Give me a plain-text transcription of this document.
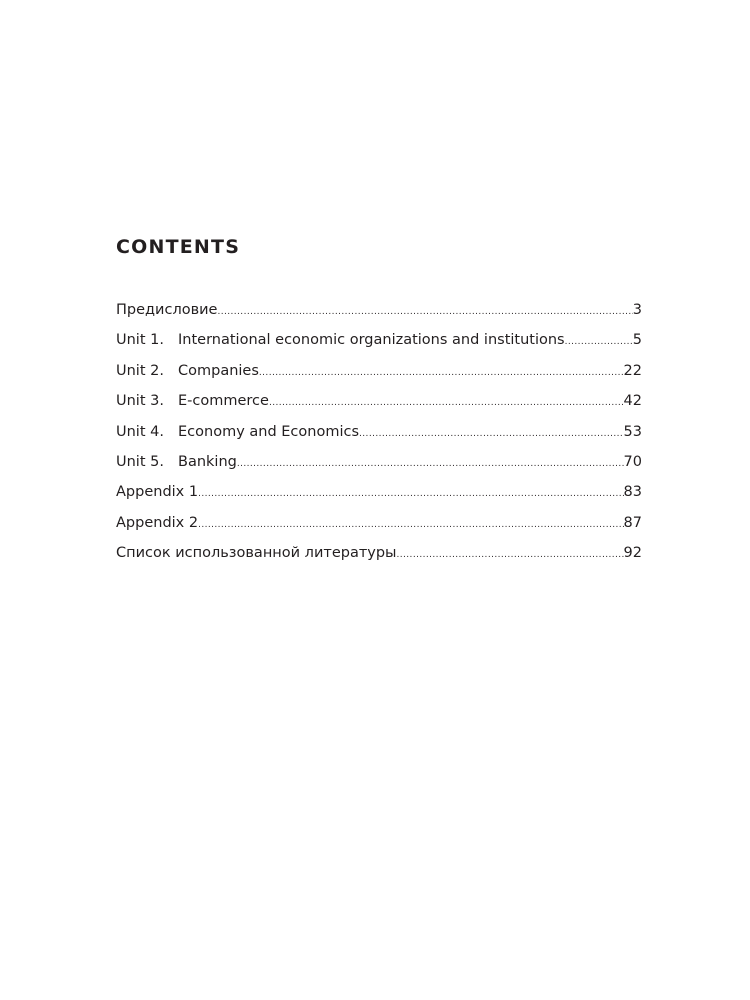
CONTENTS
Предисловие .....	3
Unit 1. International economic organizations and institutions .....	5
Unit 2. Companies .....	22
Unit 3. E-commerce .....	42
Unit 4. Economy and Economics .....	53
Unit 5. Banking .....	70
Appendix 1 .....	83
Appendix 2 .....	87
Список использованной литературы .....	92
